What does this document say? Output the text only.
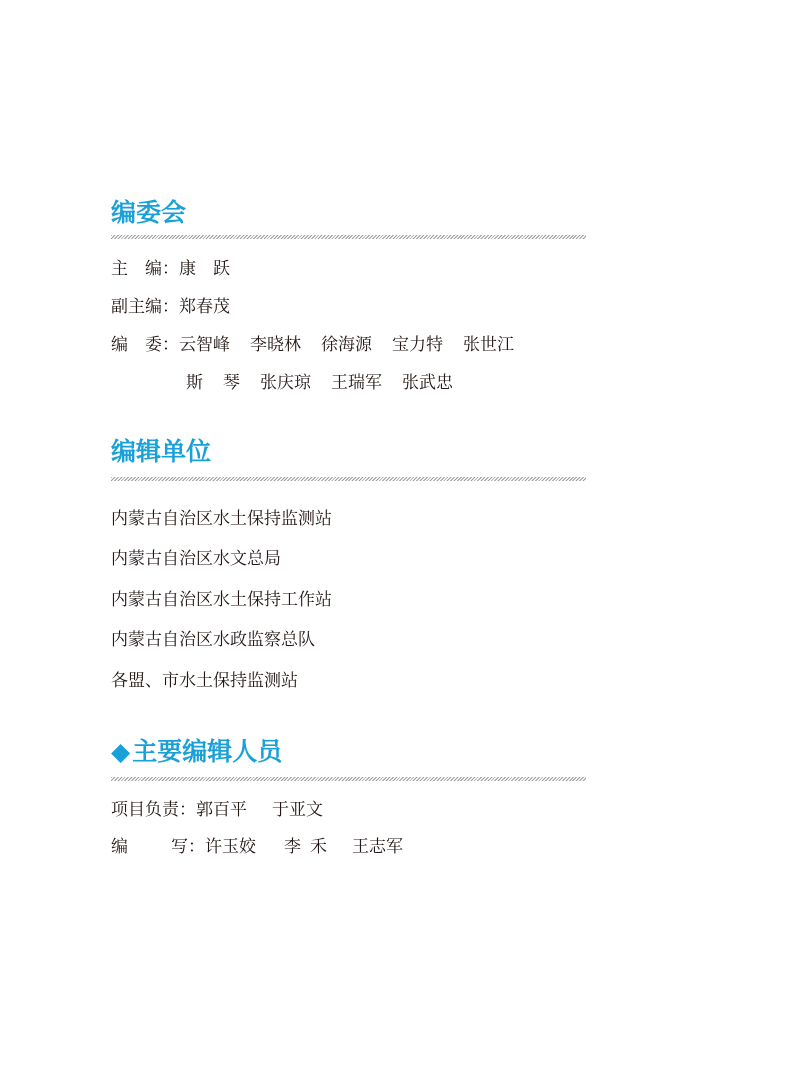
编委会
主 编：康 跃
副主编：郑春茂
编 委：云智峰 李晓林 徐海源 宝力特 张世江
斯 琴 张庆琼 王瑞军 张武忠
编辑单位
内蒙古自治区水土保持监测站
内蒙古自治区水文总局
内蒙古自治区水土保持工作站
内蒙古自治区水政监察总队
各盟、市水土保持监测站
◆主要编辑人员
项目负责：郭百平 于亚文
编	写：许玉姣 李 禾 王志军
